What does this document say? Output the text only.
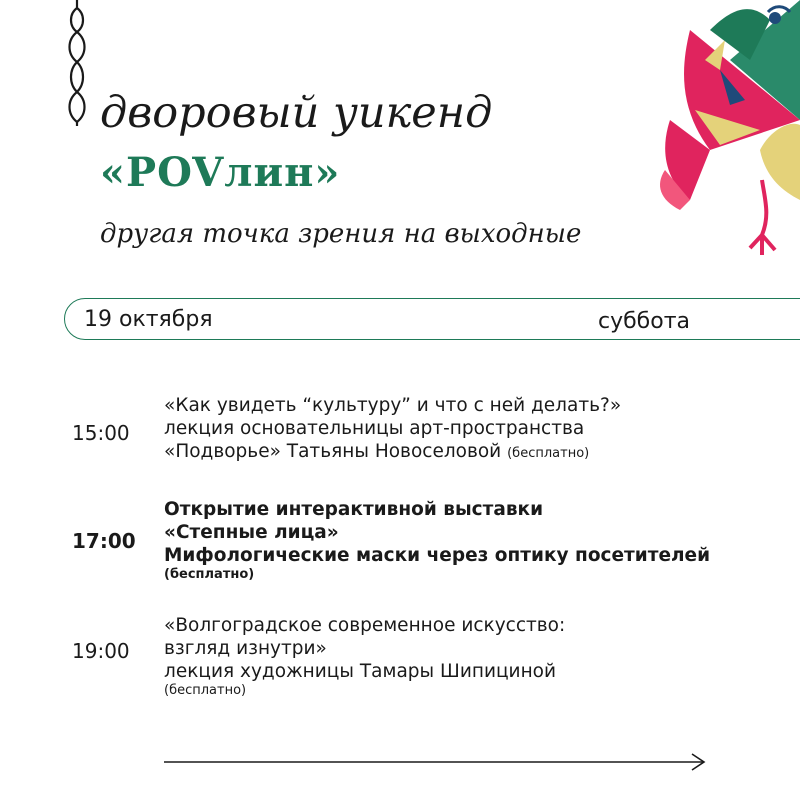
дворовый уикенд
«POVлин»
другая точка зрения на выходные
19 октября	суббота
15:00
«Как увидеть “культуру” и что с ней делать?»
лекция основательницы арт-пространства
«Подворье» Татьяны Новоселовой (бесплатно)
17:00
Открытие интерактивной выставки
«Степные лица»
Мифологические маски через оптику посетителей
(бесплатно)
19:00
«Волгоградское современное искусство:
взгляд изнутри»
лекция художницы Тамары Шипициной
(бесплатно)
